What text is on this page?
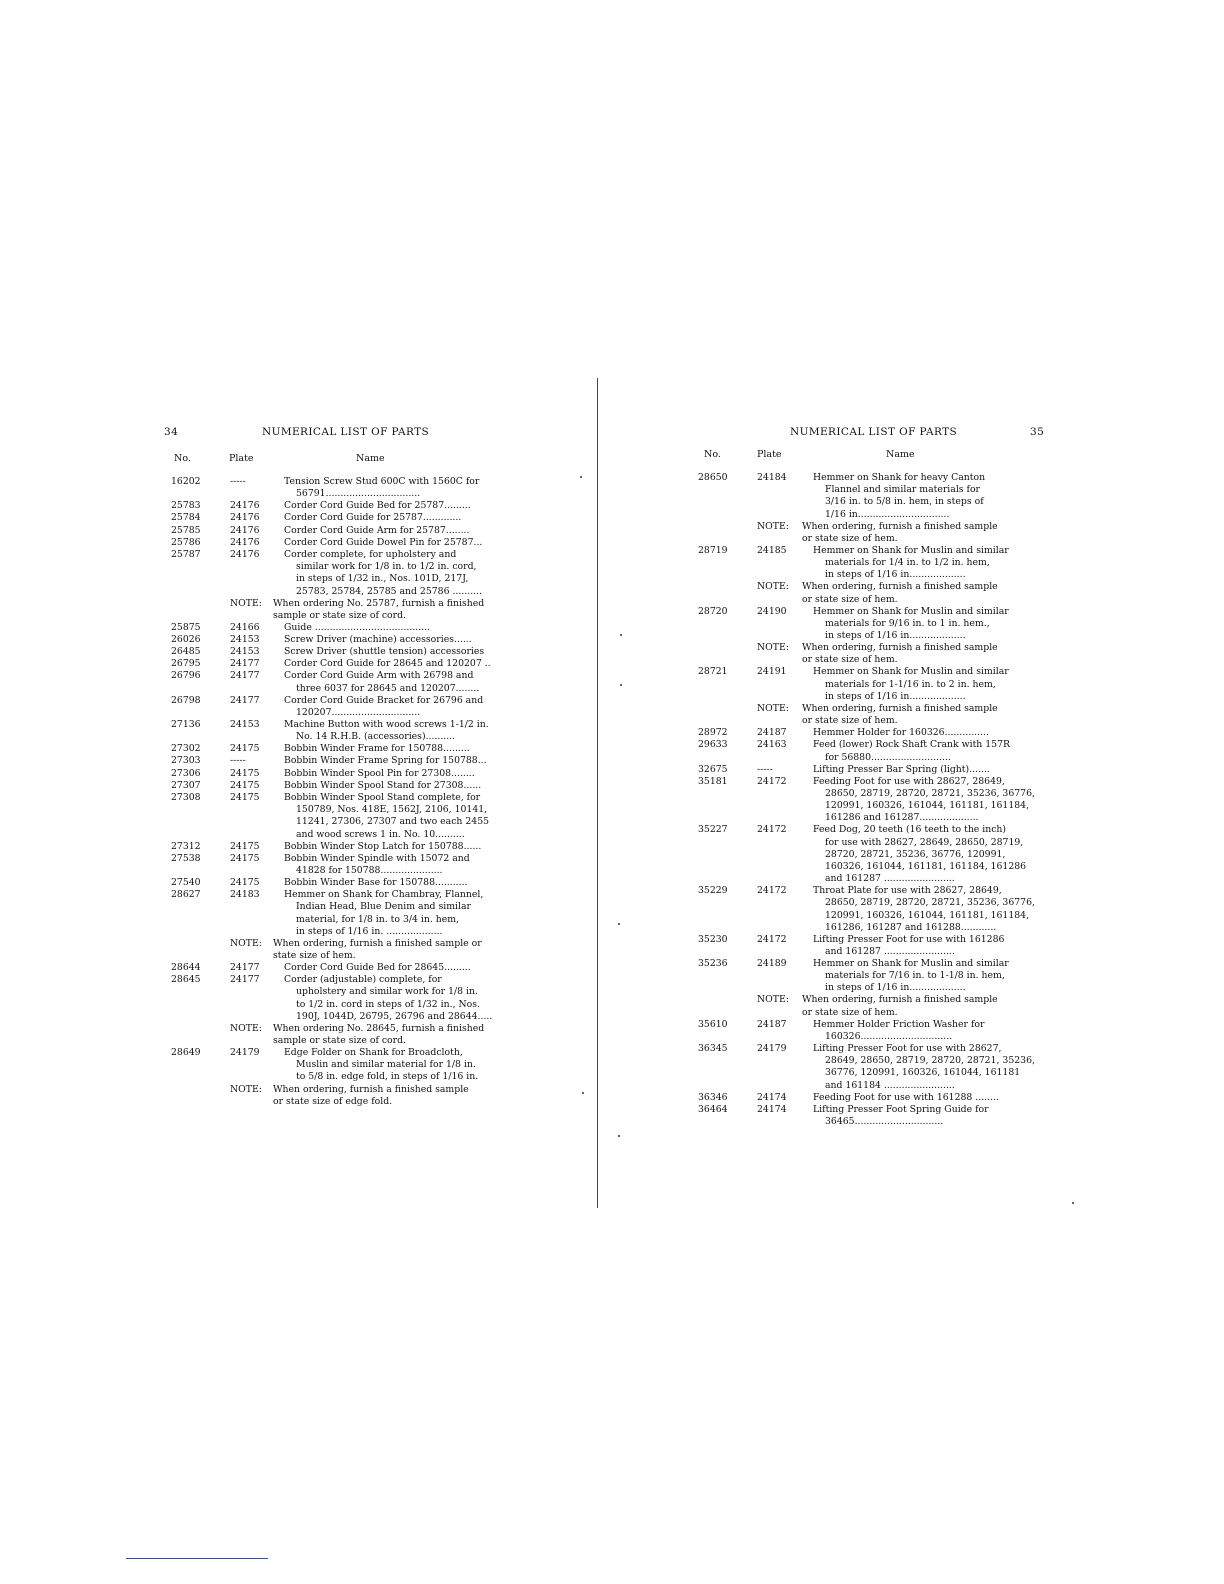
34	NUMERICAL LIST OF PARTS
No.	Plate	Name
16202	-----	Tension Screw Stud 600C with 1560C for
56791................................
25783	24176	Corder Cord Guide Bed for 25787.........
25784	24176	Corder Cord Guide for 25787.............
25785	24176	Corder Cord Guide Arm for 25787........
25786	24176	Corder Cord Guide Dowel Pin for 25787...
25787	24176	Corder complete, for upholstery and
similar work for 1/8 in. to 1/2 in. cord,
in steps of 1/32 in., Nos. 101D, 217J,
25783, 25784, 25785 and 25786 ..........
NOTE:	When ordering No. 25787, furnish a finished
sample or state size of cord.
25875	24166	Guide .......................................
26026	24153	Screw Driver (machine) accessories......
26485	24153	Screw Driver (shuttle tension) accessories
26795	24177	Corder Cord Guide for 28645 and 120207 ..
26796	24177	Corder Cord Guide Arm with 26798 and
three 6037 for 28645 and 120207........
26798	24177	Corder Cord Guide Bracket for 26796 and
120207..............................
27136	24153	Machine Button with wood screws 1-1/2 in.
No. 14 R.H.B. (accessories)..........
27302	24175	Bobbin Winder Frame for 150788.........
27303	-----	Bobbin Winder Frame Spring for 150788...
27306	24175	Bobbin Winder Spool Pin for 27308........
27307	24175	Bobbin Winder Spool Stand for 27308......
27308	24175	Bobbin Winder Spool Stand complete, for
150789, Nos. 418E, 1562J, 2106, 10141,
11241, 27306, 27307 and two each 2455
and wood screws 1 in. No. 10..........
27312	24175	Bobbin Winder Stop Latch for 150788......
27538	24175	Bobbin Winder Spindle with 15072 and
41828 for 150788.....................
27540	24175	Bobbin Winder Base for 150788...........
28627	24183	Hemmer on Shank for Chambray, Flannel,
Indian Head, Blue Denim and similar
material, for 1/8 in. to 3/4 in. hem,
in steps of 1/16 in. ...................
NOTE:	When ordering, furnish a finished sample or
state size of hem.
28644	24177	Corder Cord Guide Bed for 28645.........
28645	24177	Corder (adjustable) complete, for
upholstery and similar work for 1/8 in.
to 1/2 in. cord in steps of 1/32 in., Nos.
190J, 1044D, 26795, 26796 and 28644.....
NOTE:	When ordering No. 28645, furnish a finished
sample or state size of cord.
28649	24179	Edge Folder on Shank for Broadcloth,
Muslin and similar material for 1/8 in.
to 5/8 in. edge fold, in steps of 1/16 in.
NOTE:	When ordering, furnish a finished sample
or state size of edge fold.
NUMERICAL LIST OF PARTS	35
No.	Plate	Name
28650	24184	Hemmer on Shank for heavy Canton
Flannel and similar materials for
3/16 in. to 5/8 in. hem, in steps of
1/16 in...............................
NOTE:	When ordering, furnish a finished sample
or state size of hem.
28719	24185	Hemmer on Shank for Muslin and similar
materials for 1/4 in. to 1/2 in. hem,
in steps of 1/16 in...................
NOTE:	When ordering, furnish a finished sample
or state size of hem.
28720	24190	Hemmer on Shank for Muslin and similar
materials for 9/16 in. to 1 in. hem.,
in steps of 1/16 in...................
NOTE:	When ordering, furnish a finished sample
or state size of hem.
28721	24191	Hemmer on Shank for Muslin and similar
materials for 1-1/16 in. to 2 in. hem,
in steps of 1/16 in...................
NOTE:	When ordering, furnish a finished sample
or state size of hem.
28972	24187	Hemmer Holder for 160326...............
29633	24163	Feed (lower) Rock Shaft Crank with 157R
for 56880...........................
32675	-----	Lifting Presser Bar Spring (light).......
35181	24172	Feeding Foot for use with 28627, 28649,
28650, 28719, 28720, 28721, 35236, 36776,
120991, 160326, 161044, 161181, 161184,
161286 and 161287....................
35227	24172	Feed Dog, 20 teeth (16 teeth to the inch)
for use with 28627, 28649, 28650, 28719,
28720, 28721, 35236, 36776, 120991,
160326, 161044, 161181, 161184, 161286
and 161287 ........................
35229	24172	Throat Plate for use with 28627, 28649,
28650, 28719, 28720, 28721, 35236, 36776,
120991, 160326, 161044, 161181, 161184,
161286, 161287 and 161288............
35230	24172	Lifting Presser Foot for use with 161286
and 161287 ........................
35236	24189	Hemmer on Shank for Muslin and similar
materials for 7/16 in. to 1-1/8 in. hem,
in steps of 1/16 in...................
NOTE:	When ordering, furnish a finished sample
or state size of hem.
35610	24187	Hemmer Holder Friction Washer for
160326...............................
36345	24179	Lifting Presser Foot for use with 28627,
28649, 28650, 28719, 28720, 28721, 35236,
36776, 120991, 160326, 161044, 161181
and 161184 ........................
36346	24174	Feeding Foot for use with 161288 ........
36464	24174	Lifting Presser Foot Spring Guide for
36465..............................
